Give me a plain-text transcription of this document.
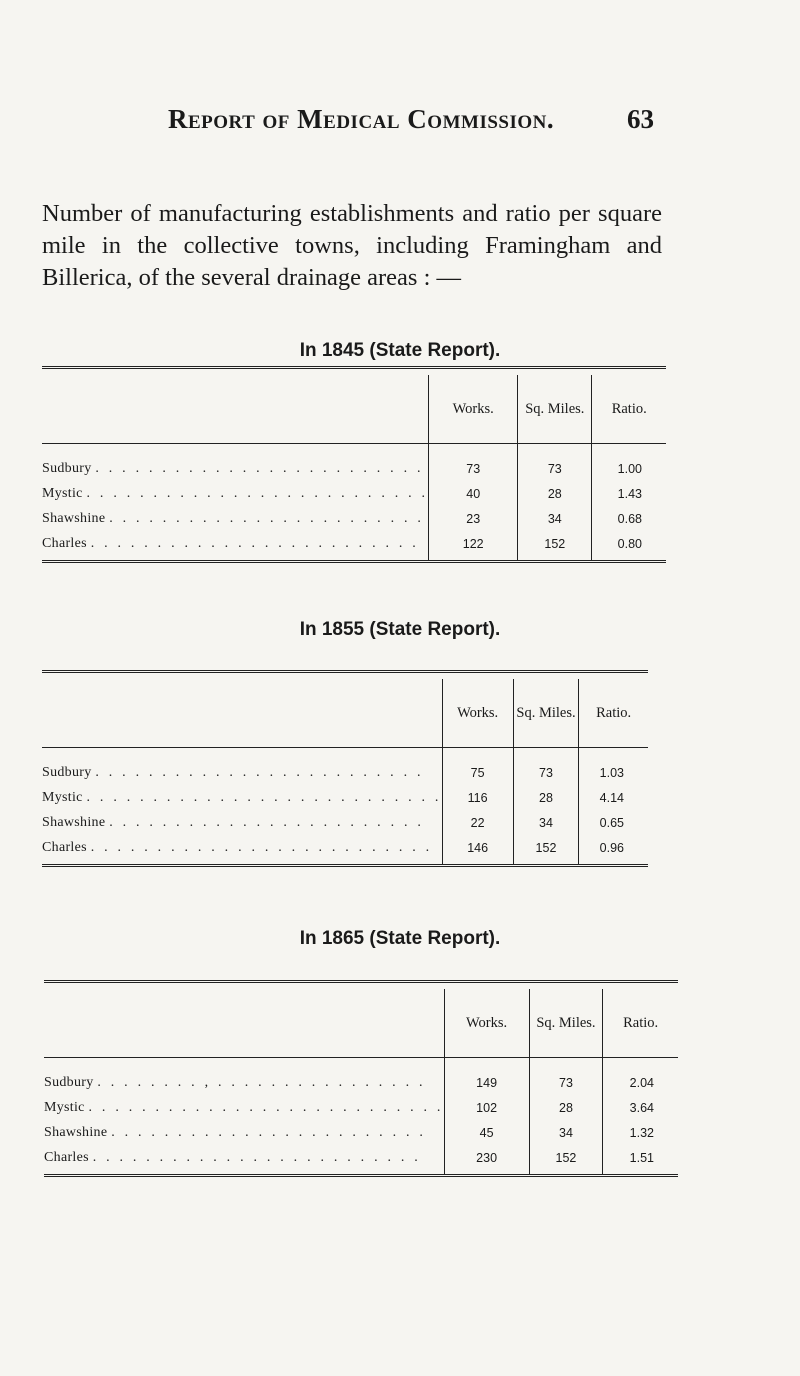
Report of Medical Commission.	63

Number of manufacturing establishments and ratio per square mile in the collective towns, including Framingham and Billerica, of the several drainage areas : —

In 1845 (State Report).

	Works.	Sq. Miles.	Ratio.

Sudbury . . . . . . . . . . . . . . . . . . . . . . . . .	73	73	1.00
Mystic . . . . . . . . . . . . . . . . . . . . . . . . . .	40	28	1.43
Shawshine . . . . . . . . . . . . . . . . . . . . . . . .	23	34	0.68
Charles . . . . . . . . . . . . . . . . . . . . . . . . .	122	152	0.80

In 1855 (State Report).

	Works.	Sq. Miles.	Ratio.

Sudbury . . . . . . . . . . . . . . . . . . . . . . . . .	75	73	1.03
Mystic . . . . . . . . . . . . . . . . . . . . . . . . . . .	116	28	4.14
Shawshine . . . . . . . . . . . . . . . . . . . . . . . .	22	34	0.65
Charles . . . . . . . . . . . . . . . . . . . . . . . . . .	146	152	0.96

In 1865 (State Report).

	Works.	Sq. Miles.	Ratio.

Sudbury . . . . . . . . , . . . . . . . . . . . . . . . .	149	73	2.04
Mystic . . . . . . . . . . . . . . . . . . . . . . . . . . .	102	28	3.64
Shawshine . . . . . . . . . . . . . . . . . . . . . . . .	45	34	1.32
Charles . . . . . . . . . . . . . . . . . . . . . . . . .	230	152	1.51
